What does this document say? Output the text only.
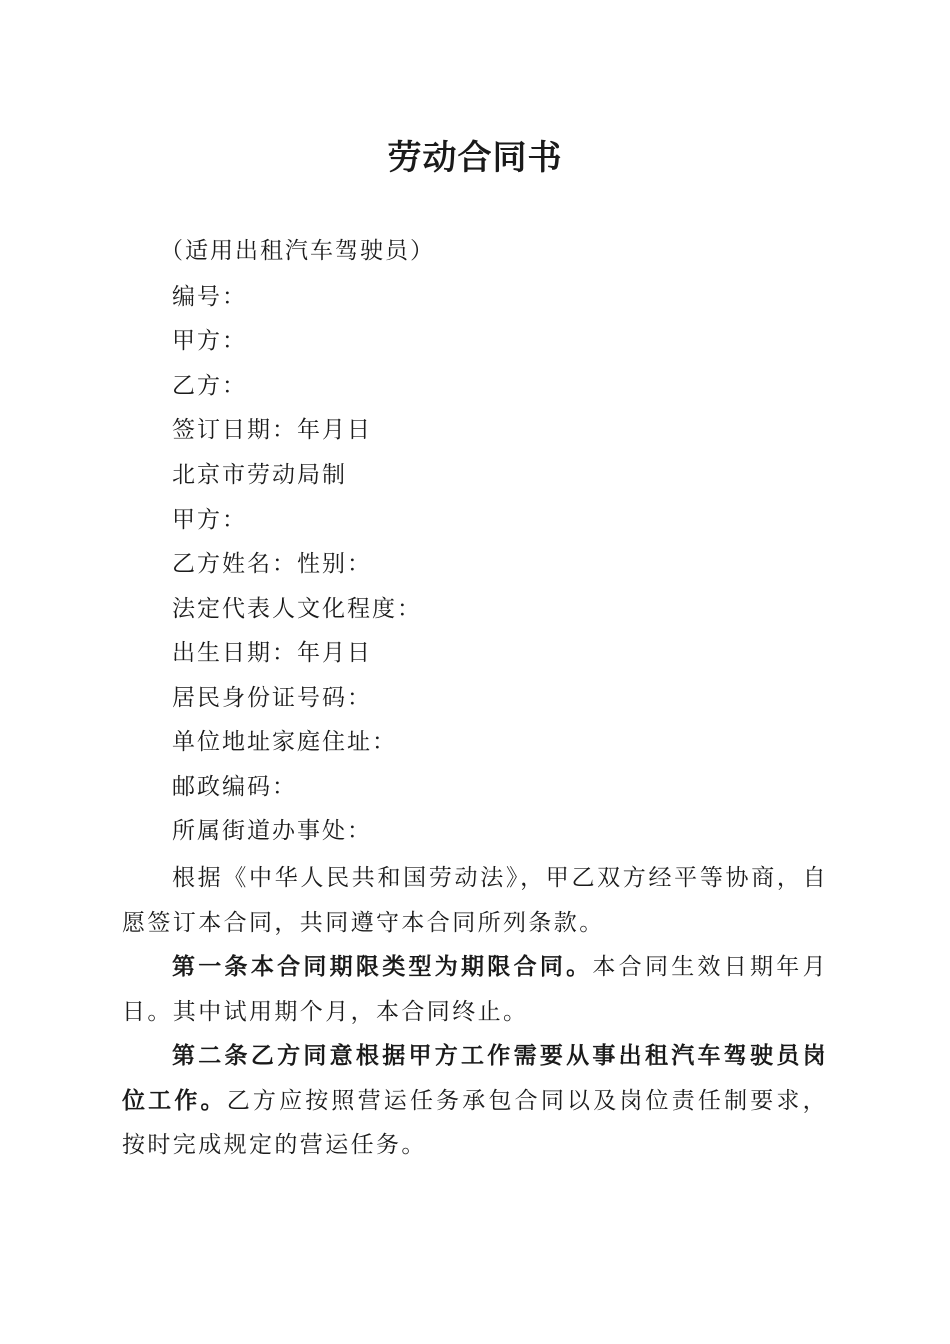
劳动合同书
（适用出租汽车驾驶员）
编号：
甲方：
乙方：
签订日期：年月日
北京市劳动局制
甲方：
乙方姓名：性别：
法定代表人文化程度：
出生日期：年月日
居民身份证号码：
单位地址家庭住址：
邮政编码：
所属街道办事处：
根据《中华人民共和国劳动法》，甲乙双方经平等协商，自愿签订本合同，共同遵守本合同所列条款。
第一条本合同期限类型为期限合同。本合同生效日期年月日。其中试用期个月，本合同终止。
第二条乙方同意根据甲方工作需要从事出租汽车驾驶员岗位工作。乙方应按照营运任务承包合同以及岗位责任制要求，按时完成规定的营运任务。
